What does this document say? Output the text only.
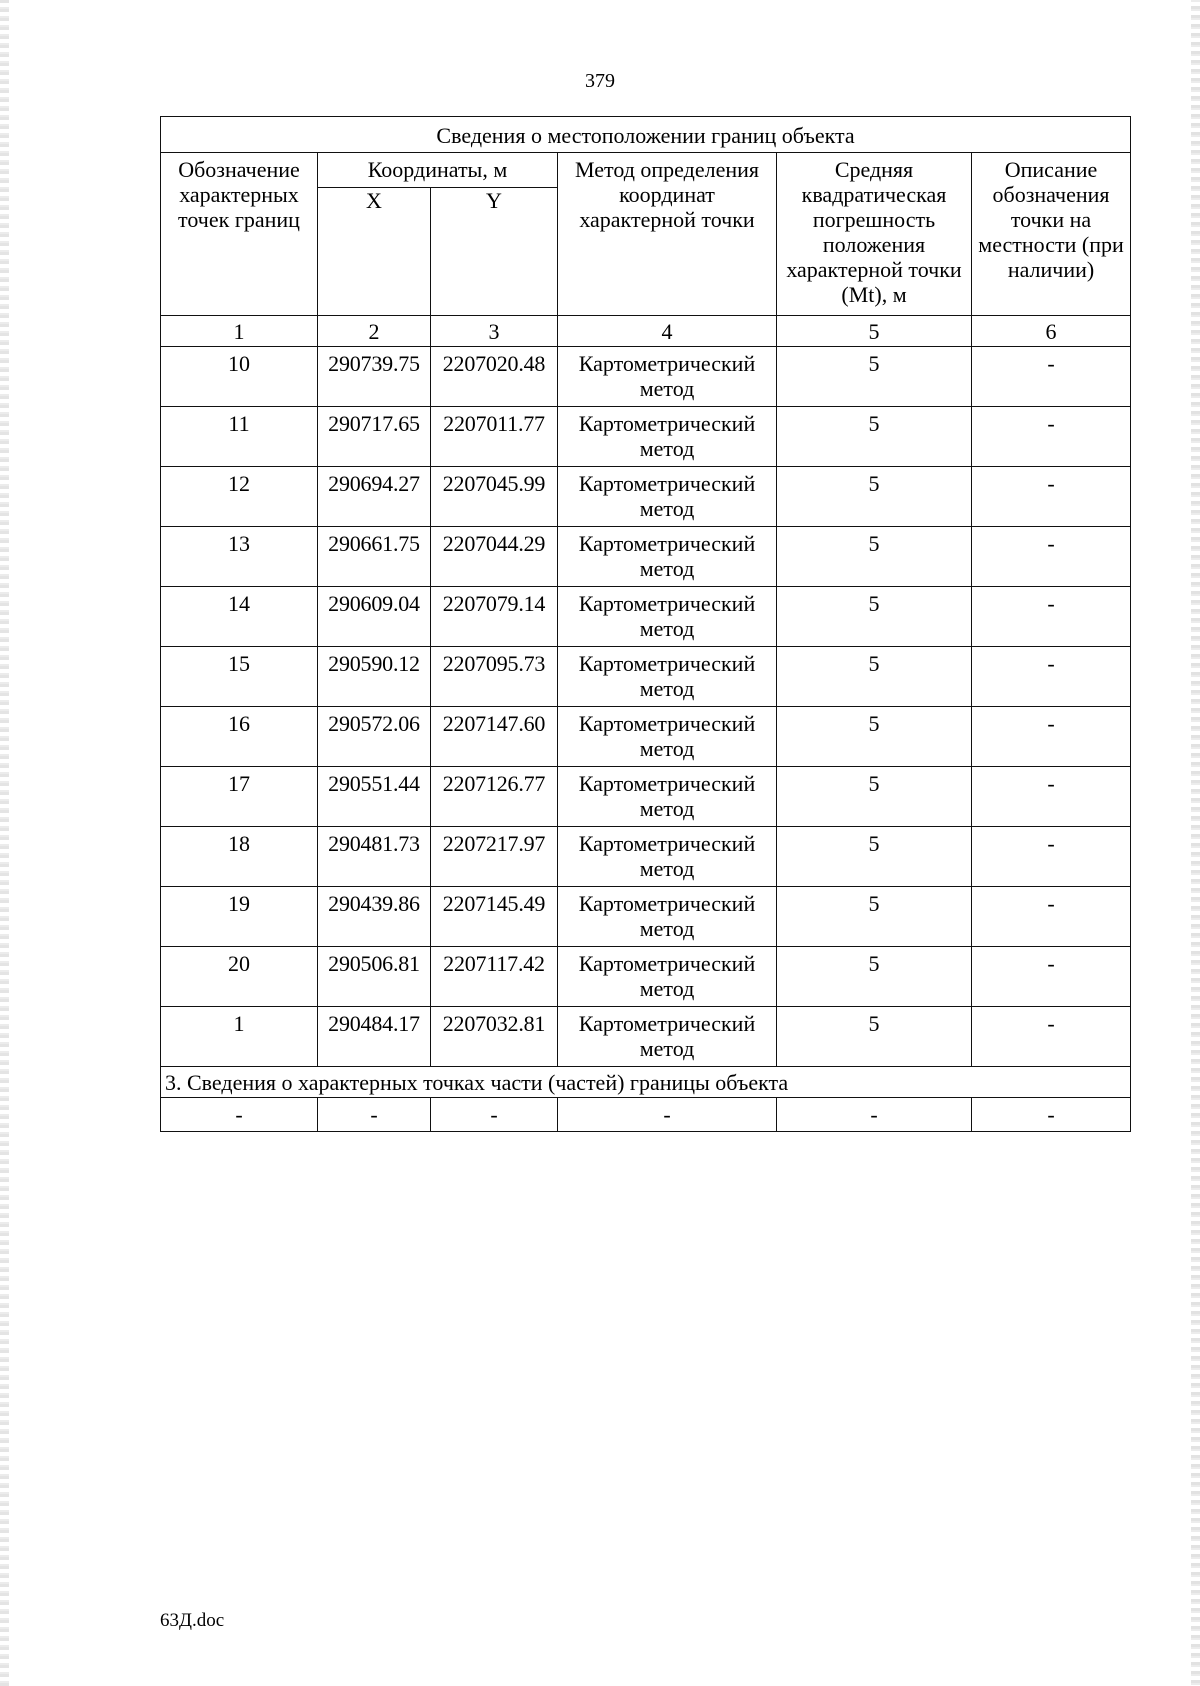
379
Сведения о местоположении границ объекта					
Обозначение характерных точек границ	Координаты, м		Метод определения координат характерной точки	Средняя квадратическая погрешность положения характерной точки (Mt), м	Описание обозначения точки на местности (при наличии)
	X	Y			
1	2	3	4	5	6
10	290739.75	2207020.48	Картометрический метод	5	-
11	290717.65	2207011.77	Картометрический метод	5	-
12	290694.27	2207045.99	Картометрический метод	5	-
13	290661.75	2207044.29	Картометрический метод	5	-
14	290609.04	2207079.14	Картометрический метод	5	-
15	290590.12	2207095.73	Картометрический метод	5	-
16	290572.06	2207147.60	Картометрический метод	5	-
17	290551.44	2207126.77	Картометрический метод	5	-
18	290481.73	2207217.97	Картометрический метод	5	-
19	290439.86	2207145.49	Картометрический метод	5	-
20	290506.81	2207117.42	Картометрический метод	5	-
1	290484.17	2207032.81	Картометрический метод	5	-
3. Сведения о характерных точках части (частей) границы объекта					
-	-	-	-	-	-
63Д.doc
